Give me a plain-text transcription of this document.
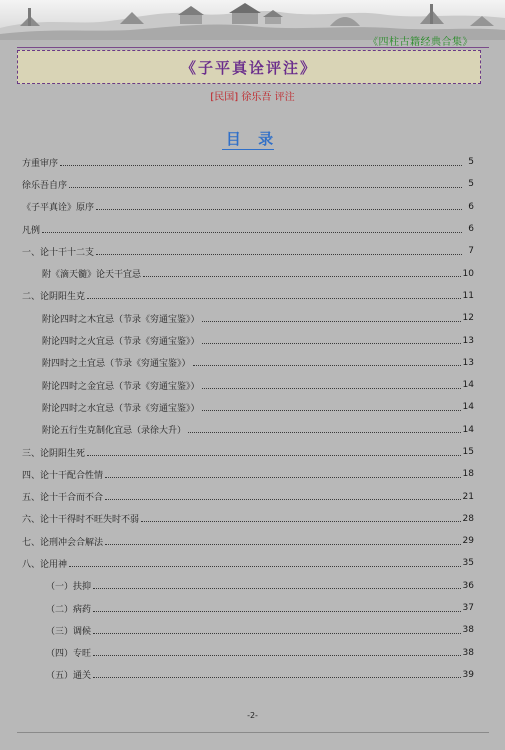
《四柱古籍经典合集》
《子平真诠评注》
[民国] 徐乐吾 评注
目 录
方重审序	5
徐乐吾自序	5
《子平真诠》原序	6
凡例	6
一、论十干十二支	7
附《滴天髓》论天干宜忌	10
二、论阴阳生克	11
附论四时之木宜忌（节录《穷通宝鉴》）	12
附论四时之火宜忌（节录《穷通宝鉴》）	13
附四时之土宜忌（节录《穷通宝鉴》）	13
附论四时之金宜忌（节录《穷通宝鉴》）	14
附论四时之水宜忌（节录《穷通宝鉴》）	14
附论五行生克制化宜忌（录徐大升）	14
三、论阴阳生死	15
四、论十干配合性情	18
五、论十干合而不合	21
六、论十干得时不旺失时不弱	28
七、论刑冲会合解法	29
八、论用神	35
（一）扶抑	36
（二）病药	37
（三）调候	38
（四）专旺	38
（五）通关	39
-2-
